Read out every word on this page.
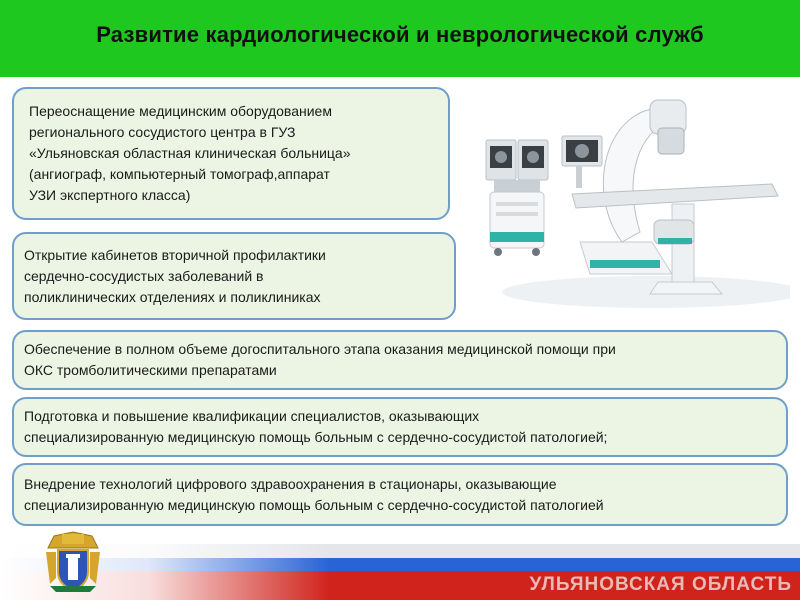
Развитие кардиологической и неврологической служб
Переоснащение медицинским оборудованием
регионального сосудистого центра в ГУЗ
«Ульяновская областная клиническая больница»
(ангиограф, компьютерный томограф,аппарат
УЗИ экспертного класса)
Открытие кабинетов вторичной профилактики
сердечно-сосудистых заболеваний в
поликлинических отделениях и поликлиниках
Обеспечение в полном объеме догоспитального этапа оказания медицинской помощи при
ОКС тромболитическими препаратами
Подготовка и повышение квалификации специалистов, оказывающих
специализированную медицинскую помощь больным с сердечно-сосудистой патологией;
Внедрение технологий цифрового здравоохранения в стационары, оказывающие
специализированную медицинскую помощь больным с сердечно-сосудистой патологией
УЛЬЯНОВСКАЯ ОБЛАСТЬ
